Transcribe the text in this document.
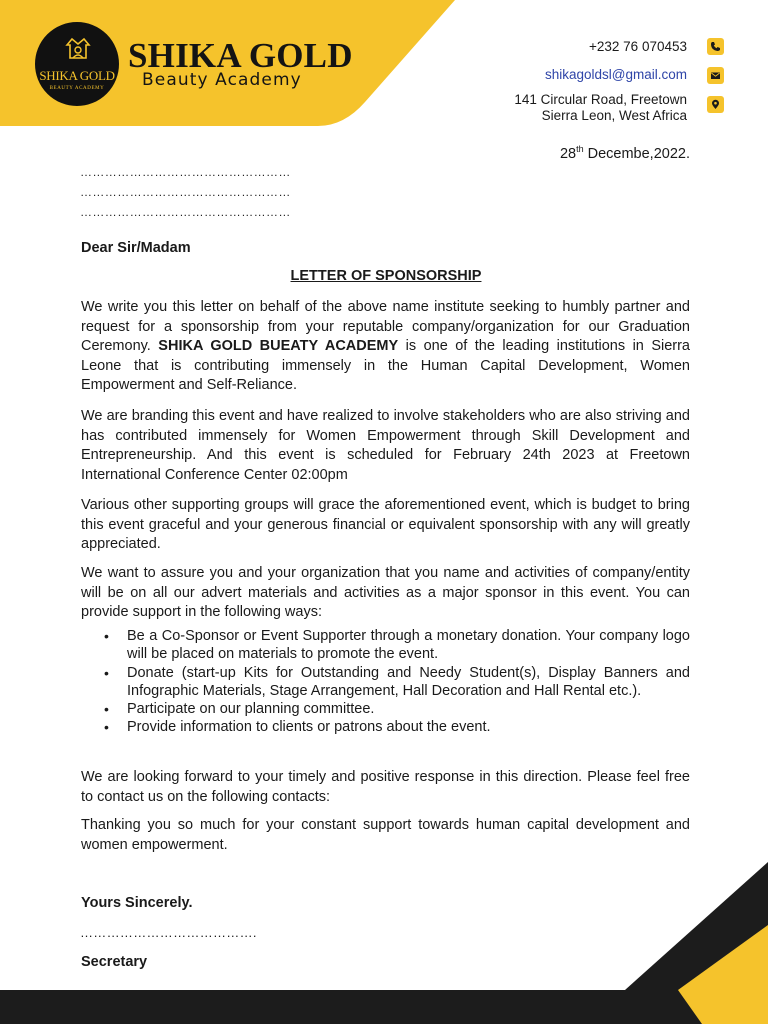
SHIKA GOLD
BEAUTY ACADEMY
SHIKA GOLD
Beauty Academy
+232 76 070453
shikagoldsl@gmail.com
141 Circular Road, Freetown
Sierra Leon, West Africa
28th Decembe,2022.
……………………………………………
……………………………………………
……………………………………………
Dear Sir/Madam
LETTER OF SPONSORSHIP
We write you this letter on behalf of the above name institute seeking to humbly partner and request for a sponsorship from your reputable company/organization for our Graduation Ceremony. SHIKA GOLD BUEATY ACADEMY is one of the leading institutions in Sierra Leone that is contributing immensely in the Human Capital Development, Women Empowerment and Self-Reliance.
We are branding this event and have realized to involve stakeholders who are also striving and has contributed immensely for Women Empowerment through Skill Development and Entrepreneurship. And this event is scheduled for February 24th 2023 at Freetown International Conference Center 02:00pm
Various other supporting groups will grace the aforementioned event, which is budget to bring this event graceful and your generous financial or equivalent sponsorship with any will greatly appreciated.
We want to assure you and your organization that you name and activities of company/entity will be on all our advert materials and activities as a major sponsor in this event. You can provide support in the following ways:
• Be a Co-Sponsor or Event Supporter through a monetary donation. Your company logo will be placed on materials to promote the event.
• Donate (start-up Kits for Outstanding and Needy Student(s), Display Banners and Infographic Materials, Stage Arrangement, Hall Decoration and Hall Rental etc.).
• Participate on our planning committee.
• Provide information to clients or patrons about the event.
We are looking forward to your timely and positive response in this direction. Please feel free to contact us on the following contacts:
Thanking you so much for your constant support towards human capital development and women empowerment.
Yours Sincerely.
………………………………….
Secretary
